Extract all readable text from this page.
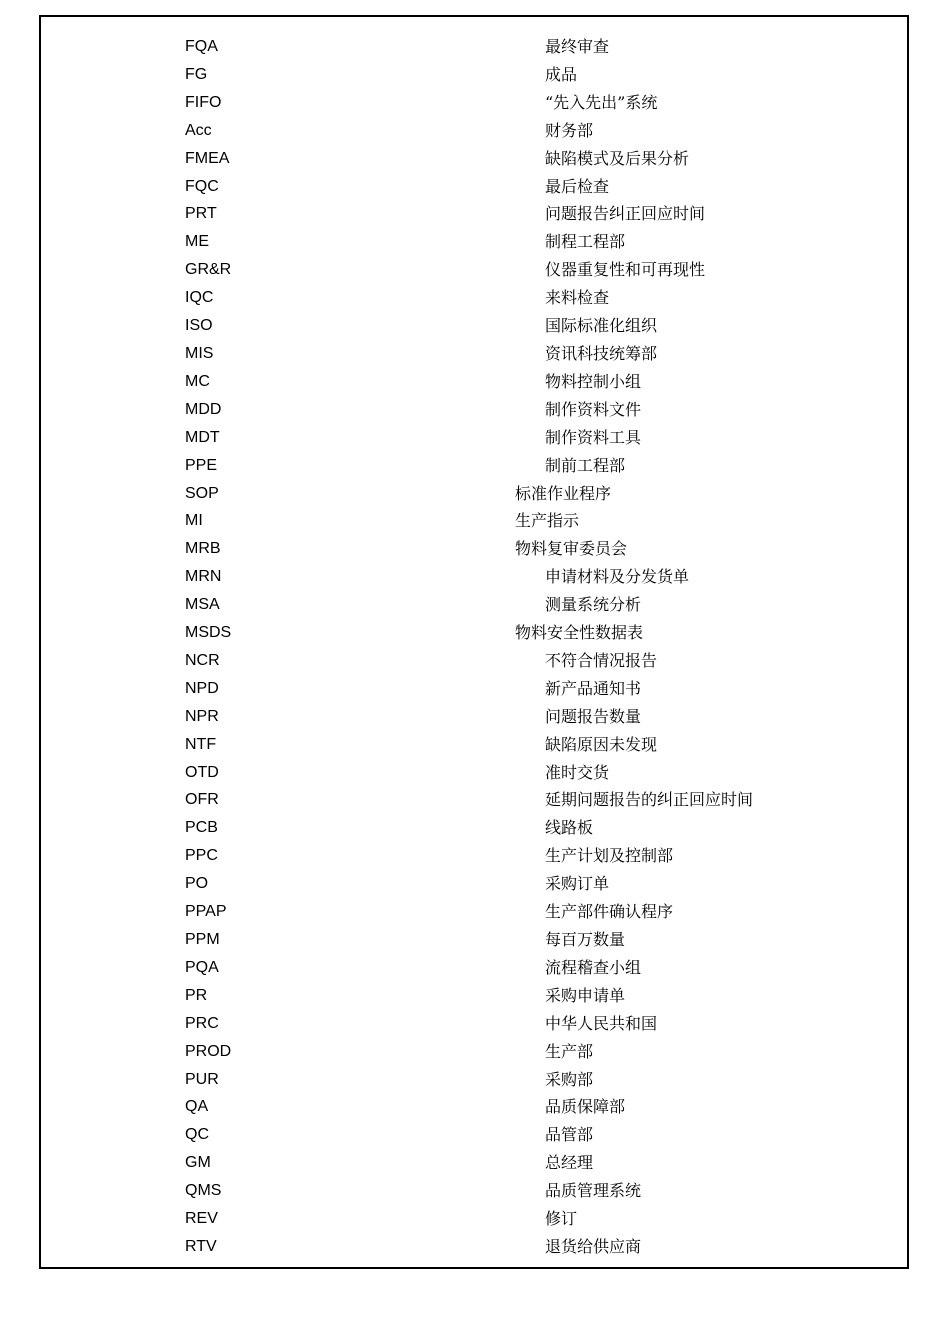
FQA	最终审查
FG	成品
FIFO	“先入先出”系统
Acc	财务部
FMEA	缺陷模式及后果分析
FQC	最后检查
PRT	问题报告纠正回应时间
ME	制程工程部
GR&R	仪器重复性和可再现性
IQC	来料检查
ISO	国际标准化组织
MIS	资讯科技统筹部
MC	物料控制小组
MDD	制作资料文件
MDT	制作资料工具
PPE	制前工程部
SOP	标准作业程序
MI	生产指示
MRB	物料复审委员会
MRN	申请材料及分发货单
MSA	测量系统分析
MSDS	物料安全性数据表
NCR	不符合情况报告
NPD	新产品通知书
NPR	问题报告数量
NTF	缺陷原因未发现
OTD	准时交货
OFR	延期问题报告的纠正回应时间
PCB	线路板
PPC	生产计划及控制部
PO	采购订单
PPAP	生产部件确认程序
PPM	每百万数量
PQA	流程稽查小组
PR	采购申请单
PRC	中华人民共和国
PROD	生产部
PUR	采购部
QA	品质保障部
QC	品管部
GM	总经理
QMS	品质管理系统
REV	修订
RTV	退货给供应商
